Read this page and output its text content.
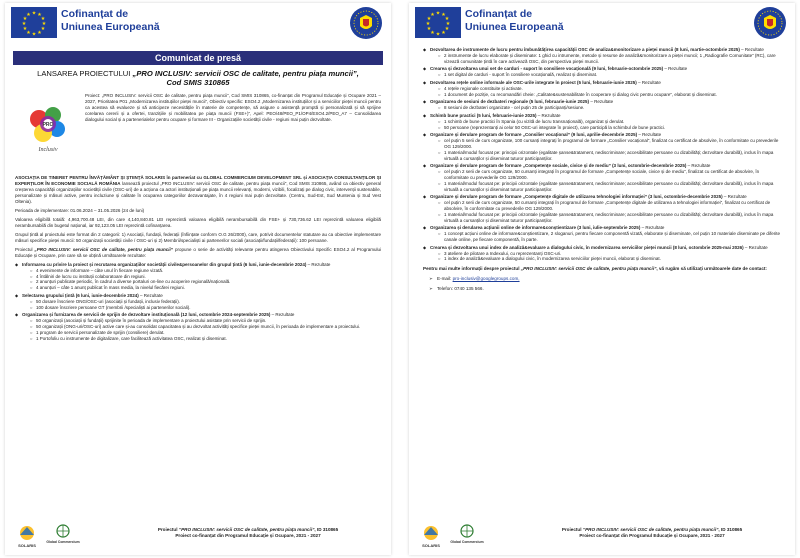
★ ★
★
★
★
★
★
★
★
★
★
★	Cofinanțat de
Uniunea Europeană
Comunicat de presă
LANSAREA PROIECTULUI „PRO INCLUSIV: servicii OSC de calitate, pentru piața muncii”,
Cod SMIS 310865
PRO
Inclusiv
Proiect: „PRO INCLUSIV: servicii OSC de calitate, pentru piața muncii”, Cod SMIS 310865, co-finanțat din Programul Educație și Ocupare 2021 – 2027, Prioritatea P01 „Modernizarea instituțiilor pieței muncii”, Obiectiv specific: ESO4.2 „Modernizarea instituțiilor și a serviciilor pieței muncii pentru ca acestea să evalueze și să anticipeze necesitățile în materie de competențe, să asigure o asistență promptă și personalizată și să sprijine corelarea cererii și a ofertei, tranzițiile și mobilitatea pe piața muncii (FSE+)”, Apel: PEO/48/PEO_P1/OP4/ESO4.2/PEO_A7 – Consolidarea dialogului social și a partenerialelor pentru ocupare și formare III - Organizațiile societății civile - regiuni mai puțin dezvoltate.

ASOCIAȚIA DE TINERET PENTRU ÎNVĂȚĂMÂNT ȘI ȘTIINȚĂ SOLARIS în parteneriat cu GLOBAL COMMERCIUM DEVELOPMENT SRL și ASOCIAȚIA CONSULTANȚILOR ȘI EXPERȚILOR ÎN ECONOMIE SOCIALĂ ROMÂNIA lansează proiectul „PRO INCLUSIV: servicii OSC de calitate, pentru piața muncii”, Cod SMIS 310865, având ca obiectiv general creșterea capacității organizațiilor societății civile (OSC-uri) de a acționa ca actori instituționali pe piața muncii relevanți, moderni, vizibili, focalizați pe dialog civic, intervenții sustenabile, personalizate și măsuri active, pentru incluziune și calitate în ocuparea categoriilor dezavantajate, în 4 regiuni mai puțin dezvoltate. (Centru, Sud-Est, Sud Muntenia și Sud Vest Oltenia).

Perioada de implementare: 01.06.2024 – 31.05.2026 (24 de luni)

Valoarea eligibilă totală: 4,963,700.48 LEI, din care 4,140,840.81 LEI reprezintă valoarea eligibilă nerambursabilă din FSE+ și 730,736.62 LEI reprezintă valoarea eligibilă nerambursabilă din bugetul național, iar 92,123.05 LEI reprezintă cofinanțarea.

Grupul țintă al proiectului este format din 2 categorii: 1) Asociații, fundații, federații (înființate conform O.G 26/2000), care, potrivit documentelor statutare au ca obiective implementare măsuri specifice pieței muncii: 50 organizații societății civile / OSC-uri și 2) Membrii/specialiști ai partenerilor sociali (asociații/fundații/federații): 100 persoane.

Proiectul „PRO INCLUSIV: servicii OSC de calitate, pentru piața muncii” propune o serie de activități relevante pentru atingerea Obiectivului Specific ESO4.2 al Programului Educație și Ocupare, prin care să se obțină următoarele rezultate:

◆ Informarea cu privire la proiect și recrutarea organizațiilor societății civile&persoanelor din grupul țintă (6 luni, iunie-decembrie 2024) – Rezultate
○ 4 evenimente de informare – câte unul în fiecare regiune vizată.
○ 4 întâlniri de lucru cu instituții colaboratoare din regiuni.
○ 2 anunțuri publicate periodic, în cadrul a diverse portaluri on-line cu acoperire regională/națională.
○ 4 anunțuri – câte 1 anunț publicat în mass media, la nivelul fiecărei regiuni.
◆ Selectarea grupului țintă (6 luni, iunie-decembrie 2024) – Rezultate
○ 50 dosare înscriere ONG/OSC-uri (asociații și fundații, inclusiv federații).
○ 100 dosare înscriere persoane GT (membrii /specialiști ai partenerilor sociali).
◆ Organizarea și furnizarea de servicii de sprijin de dezvoltare instituțională (12 luni, octombrie 2024-septembrie 2025) – Rezultate
○ 50 organizații (asociații și fundații) sprijinite în perioada de implementare a proiectului asistate prin servicii de sprijin.
○ 50 organizații (ONG-uri/OSC-uri) active care și-au consolidat capacitatea și au dezvoltat activități specifice pieței muncii, în perioada de implementare a proiectului.
○ 1 program de servicii personalizate de sprijin (consiliere) derulat.
○ 1 Portofoliu cu instrumente de digitalizare, care facilitează activitatea OSC, realizat și diseminat.
SOLARIS
Global Commercium
Proiectul “PRO INCLUSIV: servicii OSC de calitate, pentru piața muncii”, ID 310865
Proiect co-finanțat din Programul Educație și Ocupare, 2021 - 2027
★ ★
★
★
★
★
★
★
★
★
★
★	Cofinanțat de
Uniunea Europeană
◆ Dezvoltarea de instrumente de lucru pentru îmbunătățirea capacității OSC de analiza&monitorizare a pieței muncii (8 luni, martie-octombrie 2025) – Rezultate
○ 2 instrumente de lucru elaborate și diseminate: 1 ghid cu intrumente, metode și resurse de analiză&monitorizare a pieței muncii; 1 „Radiografie Comunitate” (RC), care vizează comunitate țintă în care activează OSC, din perspectiva pieței muncii.
◆ Crearea și dezvoltarea unui set de carduri - suport în consiliere vocațională (9 luni, februarie-octombrie 2025) – Rezultate
○ 1 set digital de carduri - suport în consiliere vocațională, realizat și diseminat.
◆ Dezvoltarea rețele online informale ale OSC-urile integrate în proiect (5 luni, februarie-iunie 2025) – Rezultate
○ 4 rețele regionale constituite și activate.
○ 1 document de poziție, cu recomandări cheie: „Calitate&sustenabilitate în cooperare și dialog civic pentru ocupare”, elaborat și diseminat.
◆ Organizarea de sesiuni de dezbateri regionale (5 luni, februarie-iunie 2025) – Rezultate
○ 8 sesiuni de dezbateri organizate - cel puțin 25 de participanți/sesiune.
◆ Schimb bune practici (5 luni, februarie-iunie 2025) – Rezultate
○ 1 schimb de bune practici în Spania (cu vizită de lucru transnațională), organizat și derulat.
○ 50 persoane (reprezentanți ai celor 50 OSC-uri integrate în proiect), care participă la schimbul de bune practici.
◆ Organizare și derulare program de formare „Consilier vocațional” (9 luni, aprilie-decembrie 2025) – Rezultate
○ cel puțin 5 serii de curs organizate, 100 cursanți integrați în programul de formare „Consilier vocațional”, finalizat cu certificat de absolvire, în conformitate cu prevederile OG 129/2000.
○ 1 material/modul focusat pe: principii orizontale (egalitate șanse&tratament, nediscriminare; accesibilitate persoane cu dizabilități; dezvoltare durabilă), inclus în mapa virtuală a cursanților și diseminat tuturor participanților.
◆ Organizare și derulare program de formare „Competențe sociale, civice și de mediu” (3 luni, octombrie-decembrie 2025) – Rezultate
○ cel puțin 2 serii de curs organizate, 50 cursanți integrați în programul de formare „Competențe sociale, civice și de mediu”, finalizat cu certificat de absolvire, în conformitate cu prevederile OG 129/2000.
○ 1 material/modul focusat pe: principii orizontale (egalitate șanse&tratament, nediscriminare; accesibilitate persoane cu dizabilități; dezvoltare durabilă), inclus în mapa virtuală a cursanților și diseminat tuturor participanților.
◆ Organizare și derulare program de formare „Competențe digitale de utilizarea tehnologiei informației” (3 luni, octombrie-decembrie 2025) – Rezultate
○ cel puțin 2 serii de curs organizate, 50 cursanți integrați în programul de formare „Competențe digitale de utilizarea a tehnologiei informației”, finalizat cu certificat de absolvire, în conformitate cu prevederile OG 129/2000.
○ 1 material/modul focusat pe: principii orizontale (egalitate șanse&tratament, nediscriminare; accesibilitate persoane cu dizabilități; dezvoltare durabilă), inclus în mapa virtuală a cursanților și diseminat tuturor participanților.
◆ Organizarea și derularea acțiunii online de informare&conștientizare (3 luni, iulie-septembrie 2025) – Rezultate
○ 1 concept acțiuni online de informare&conștientizare, 2 sloganuri, pentru fiecare componentă vizată, elaborate și diseminate, cel puțin 10 materiale diseminate pe diferite canale online, pe fiecare componentă, în parte.
◆ Crearea și dezvoltarea unui index de analiză&evaluare a dialogului civic, în modernizarea serviciilor pieței muncii (8 luni, octombrie 2025-mai 2026) – Rezultate
○ 3 ateliere de pilotare a Indexului, cu reprezentanți OSC-uri.
○ 1 index de analiză&evaluare a dialogului civic, în modernizarea serviciilor pieței muncii, elaborat și diseminat.
Pentru mai multe informații despre proiectul „PRO INCLUSIV: servicii OSC de calitate, pentru piața muncii”, vă rugăm să utilizați următoarele date de contact:
➢ E-mail: pro-inclusiv@googlegroups.com,
➢ Telefon: 0740 135 566.
SOLARIS
Global Commercium
Proiectul “PRO INCLUSIV: servicii OSC de calitate, pentru piața muncii”, ID 310865
Proiect co-finanțat din Programul Educație și Ocupare, 2021 - 2027
